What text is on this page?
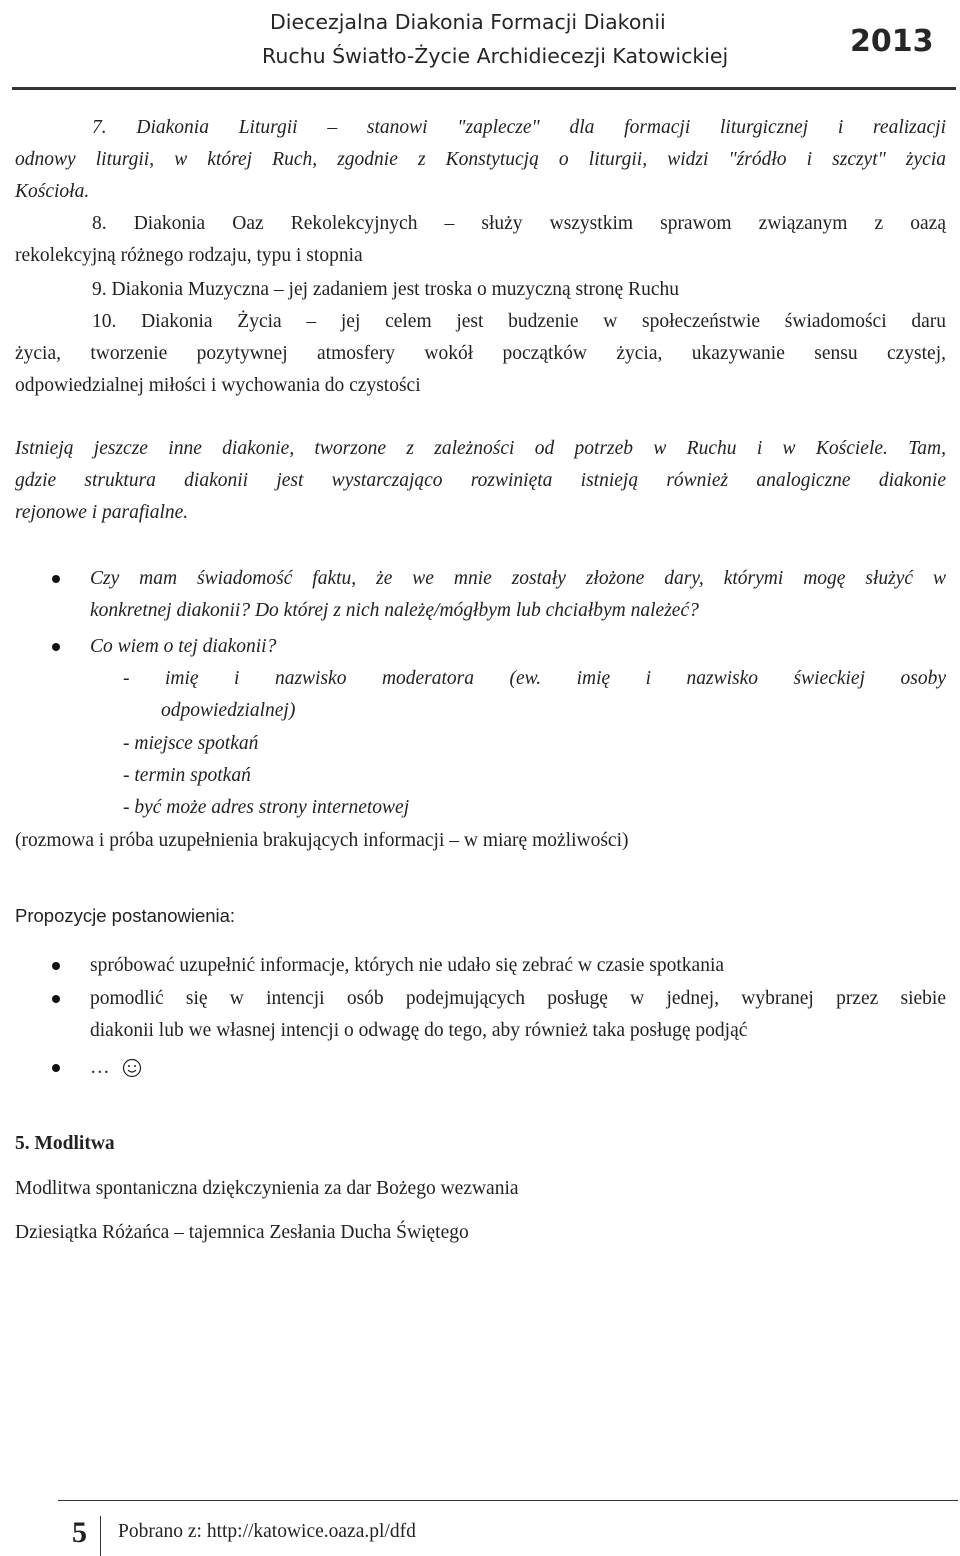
Diecezjalna Diakonia Formacji Diakonii
Ruchu Światło-Życie Archidiecezji Katowickiej	2013
7. Diakonia Liturgii – stanowi "zaplecze" dla formacji liturgicznej i realizacji
odnowy liturgii, w której Ruch, zgodnie z Konstytucją o liturgii, widzi "źródło i szczyt" życia
Kościoła.
8. Diakonia Oaz Rekolekcyjnych – służy wszystkim sprawom związanym z oazą
rekolekcyjną różnego rodzaju, typu i stopnia
9. Diakonia Muzyczna – jej zadaniem jest troska o muzyczną stronę Ruchu
10. Diakonia Życia – jej celem jest budzenie w społeczeństwie świadomości daru
życia, tworzenie pozytywnej atmosfery wokół początków życia, ukazywanie sensu czystej,
odpowiedzialnej miłości i wychowania do czystości
Istnieją jeszcze inne diakonie, tworzone z zależności od potrzeb w Ruchu i w Kościele. Tam,
gdzie struktura diakonii jest wystarczająco rozwinięta istnieją również analogiczne diakonie
rejonowe i parafialne.
Czy mam świadomość faktu, że we mnie zostały złożone dary, którymi mogę służyć w
konkretnej diakonii? Do której z nich należę/mógłbym lub chciałbym należeć?
Co wiem o tej diakonii?
- imię i nazwisko moderatora (ew. imię i nazwisko świeckiej osoby
odpowiedzialnej)
- miejsce spotkań
- termin spotkań
- być może adres strony internetowej
(rozmowa i próba uzupełnienia brakujących informacji – w miarę możliwości)
Propozycje postanowienia:
spróbować uzupełnić informacje, których nie udało się zebrać w czasie spotkania
pomodlić się w intencji osób podejmujących posługę w jednej, wybranej przez siebie
diakonii lub we własnej intencji o odwagę do tego, aby również taka posługę podjąć
…
5. Modlitwa
Modlitwa spontaniczna dziękczynienia za dar Bożego wezwania
Dziesiątka Różańca – tajemnica Zesłania Ducha Świętego
5 Pobrano z: http://katowice.oaza.pl/dfd
